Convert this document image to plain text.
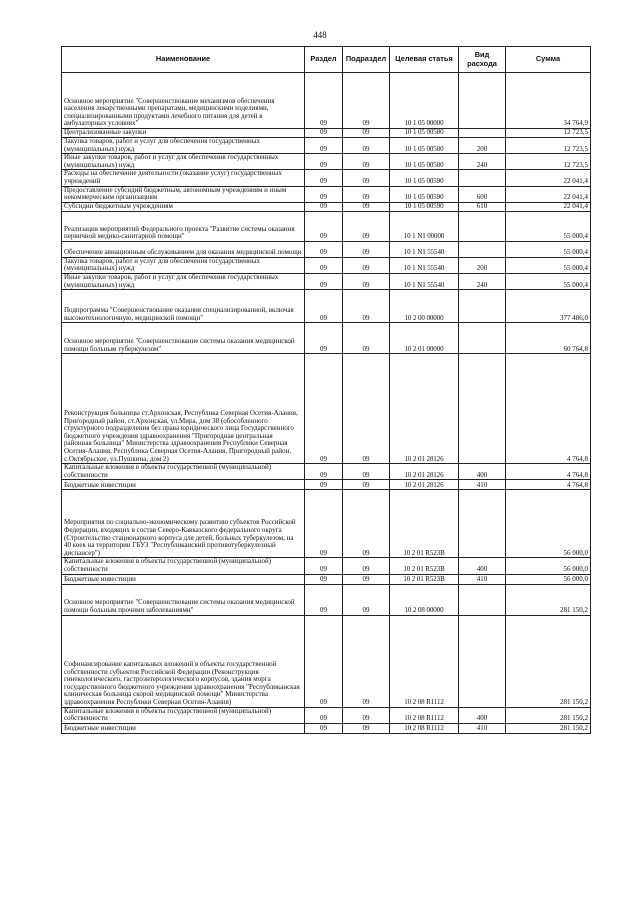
448
Наименование	Раздел	Подраздел	Целевая статья	Вид расхода	Сумма
Основное мероприятие "Совершенствование механизмов обеспечения населения лекарственными препаратами, медицинскими изделиями, специализированными продуктами лечебного питания для детей в амбулаторных условиях"	09	09	10 1 05 00000		34 764,9
Централизованные закупки	09	09	10 1 05 00580		12 723,5
Закупка товаров, работ и услуг для обеспечения государственных (муниципальных) нужд	09	09	10 1 05 00580	200	12 723,5
Иные закупки товаров, работ и услуг для обеспечения государственных (муниципальных) нужд	09	09	10 1 05 00580	240	12 723,5
Расходы на обеспечение деятельности (оказание услуг) государственных учреждений	09	09	10 1 05 00590		22 041,4
Предоставление субсидий бюджетным, автономным учреждениям и иным некоммерческим организациям	09	09	10 1 05 00590	600	22 041,4
Субсидии бюджетным учреждениям	09	09	10 1 05 00590	610	22 041,4
Реализация мероприятий Федерального проекта "Развитие системы оказания первичной медико-санитарной помощи"	09	09	10 1 N1 00000		55 000,4
Обеспечение авиационным обслуживанием для оказания медицинской помощи	09	09	10 1 N1 55540		55 000,4
Закупка товаров, работ и услуг для обеспечения государственных (муниципальных) нужд	09	09	10 1 N1 55540	200	55 000,4
Иные закупки товаров, работ и услуг для обеспечения государственных (муниципальных) нужд	09	09	10 1 N1 55540	240	55 000,4
Подпрограмма "Совершенствование оказания специализированной, включая высокотехнологичную, медицинской помощи"	09	09	10 2 00 00000		377 486,0
Основное мероприятие "Совершенствование системы оказания медицинской помощи больным туберкулезом"	09	09	10 2 01 00000		60 764,8
Реконструкция больницы ст.Архонская, Республика Северная Осетия-Алания, Пригородный район, ст.Архонская, ул.Мира, дом 38 (обособленного структурного подразделения без права юридического лица Государственного бюджетного учреждения здравоохранения "Пригородная центральная районная больница" Министерства здравоохранения Республики Северная Осетия-Алания, Республика Северная Осетия-Алания, Пригородный район, с.Октябрьское, ул.Пушкина, дом 2)	09	09	10 2 01 28126		4 764,8
Капитальные вложения в объекты государственной (муниципальной) собственности	09	09	10 2 01 28126	400	4 764,8
Бюджетные инвестиции	09	09	10 2 01 28126	410	4 764,8
Мероприятия по социально-экономическому развитию субъектов Российской Федерации, входящих в состав Северо-Кавказского федерального округа (Строительство стационарного корпуса для детей, больных туберкулезом, на 40 коек на территории ГБУЗ "Республиканский противотуберкулезный диспансер")	09	09	10 2 01 R523B		56 000,0
Капитальные вложения в объекты государственной (муниципальной) собственности	09	09	10 2 01 R523B	400	56 000,0
Бюджетные инвестиции	09	09	10 2 01 R523B	410	56 000,0
Основное мероприятие "Совершенствование системы оказания медицинской помощи больным прочими заболеваниями"	09	09	10 2 08 00000		281 150,2
Софинансирование капитальных вложений в объекты государственной собственности субъектов Российской Федерации (Реконструкция гинекологического, гастроэнтерологического корпусов, здания морга государственного бюджетного учреждения здравоохранения "Республиканская клиническая больница скорой медицинской помощи" Министерства здравоохранения Республики Северная Осетия-Алания)	09	09	10 2 08 R1112		281 150,2
Капитальные вложения в объекты государственной (муниципальной) собственности	09	09	10 2 08 R1112	400	281 150,2
Бюджетные инвестиции	09	09	10 2 08 R1112	410	281 150,2
